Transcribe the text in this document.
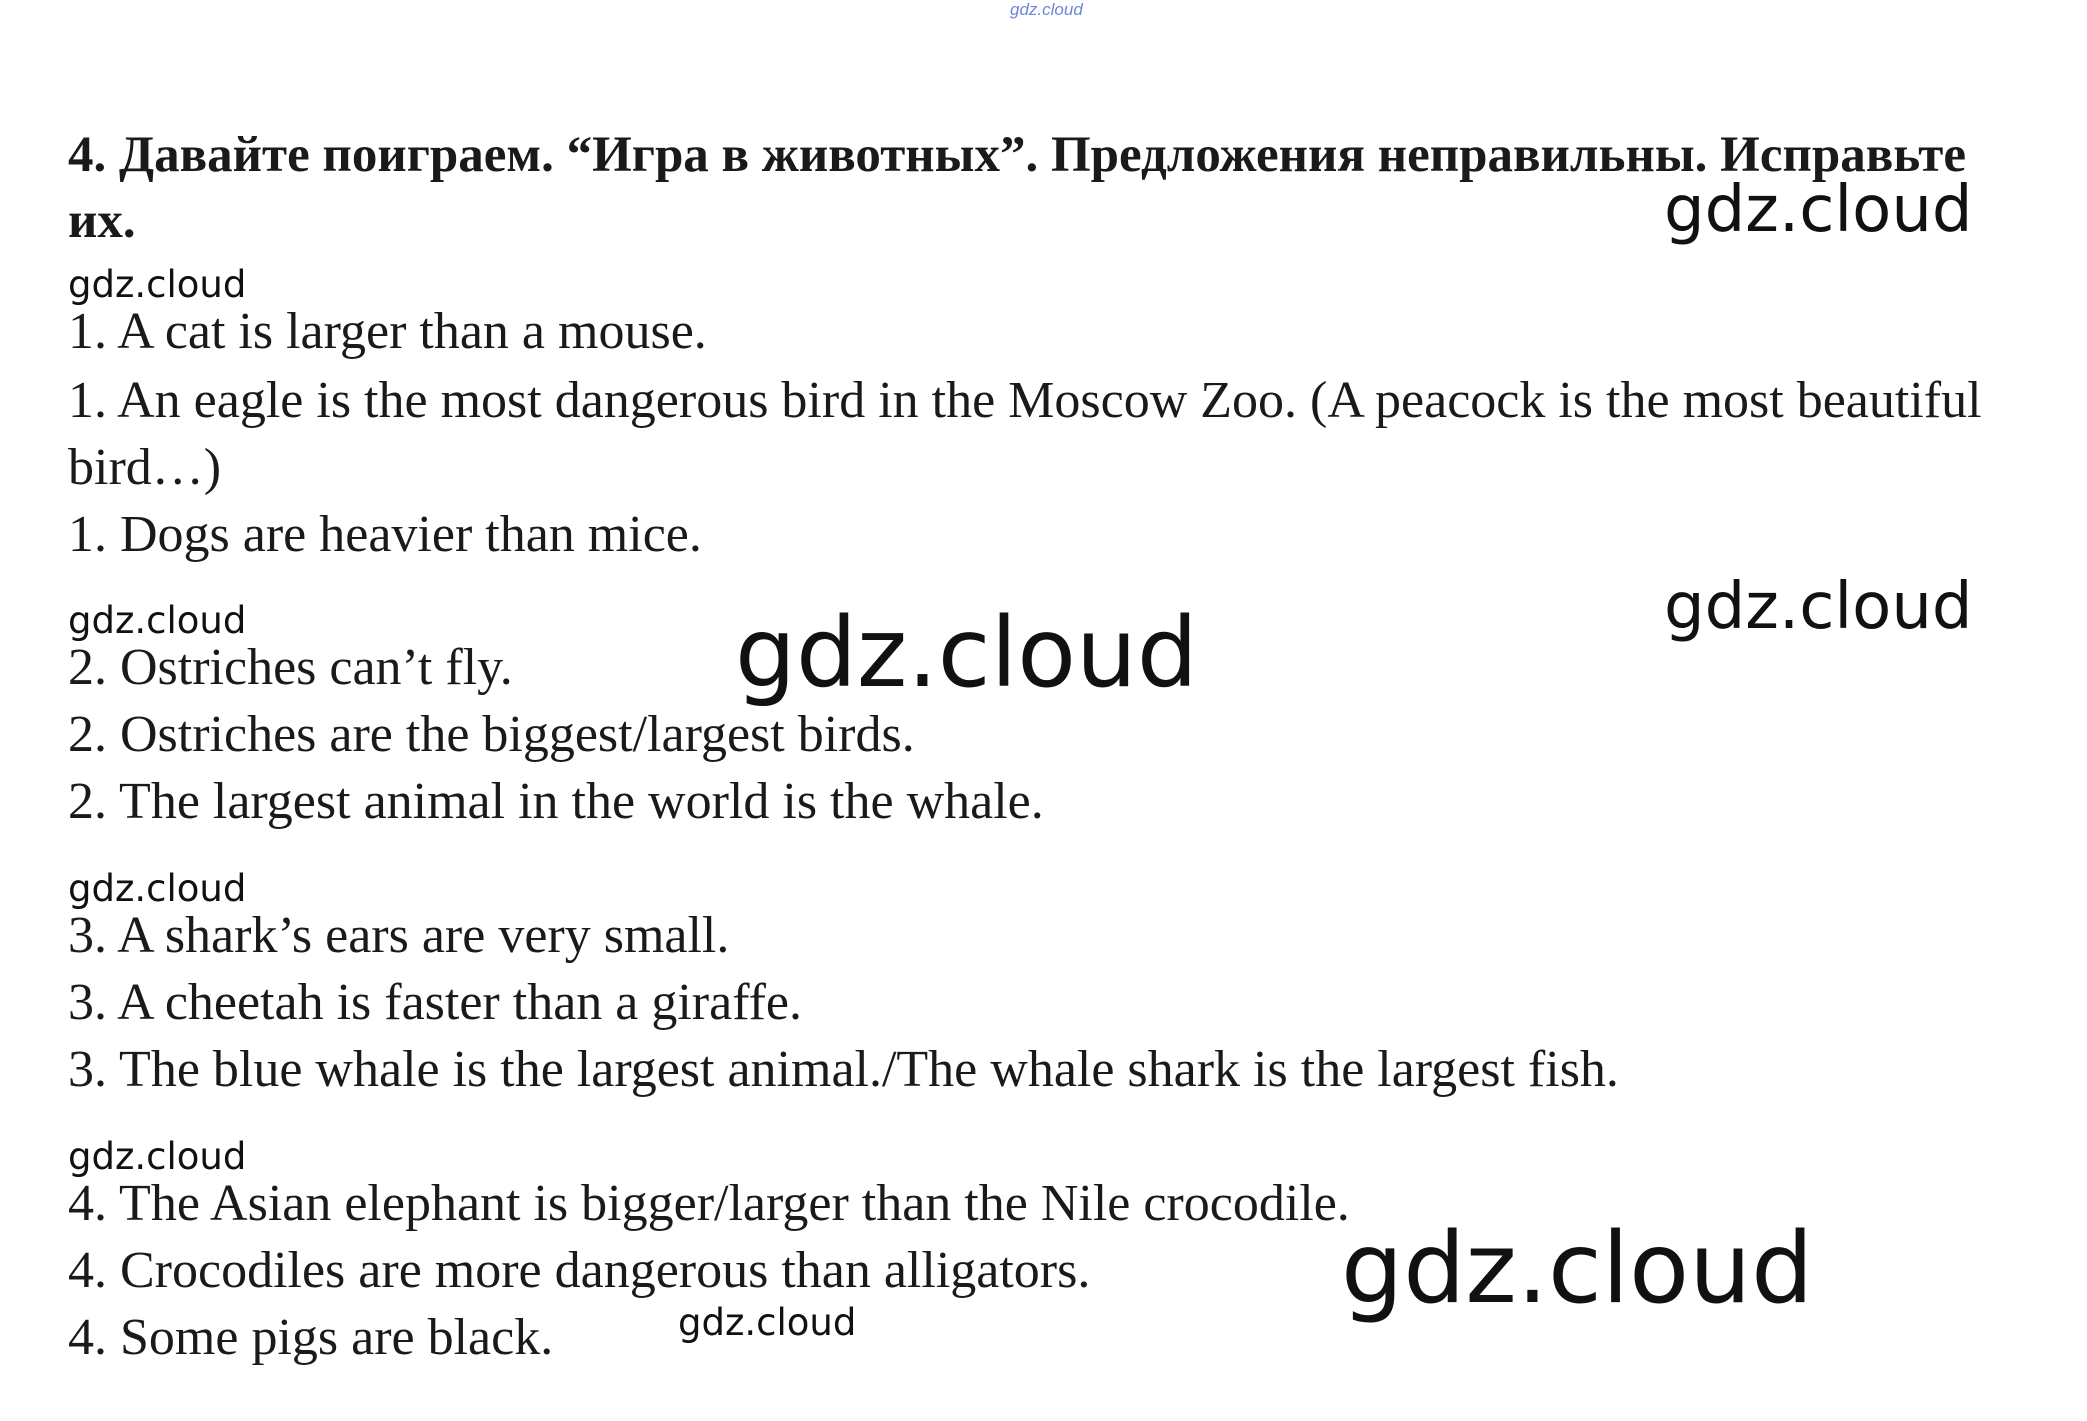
gdz.cloud
4. Давайте поиграем. “Игра в животных”. Предложения неправильны. Исправьте их.	gdz.cloud
gdz.cloud
1. A cat is larger than a mouse.
1. An eagle is the most dangerous bird in the Moscow Zoo. (A peacock is the most beautiful bird…)
1. Dogs are heavier than mice.
gdz.cloud
gdz.cloud	gdz.cloud
2. Ostriches can’t fly.
2. Ostriches are the biggest/largest birds.
2. The largest animal in the world is the whale.
gdz.cloud
3. A shark’s ears are very small.
3. A cheetah is faster than a giraffe.
3. The blue whale is the largest animal./The whale shark is the largest fish.
gdz.cloud
4. The Asian elephant is bigger/larger than the Nile crocodile.
gdz.cloud
4. Crocodiles are more dangerous than alligators.
gdz.cloud
4. Some pigs are black.
